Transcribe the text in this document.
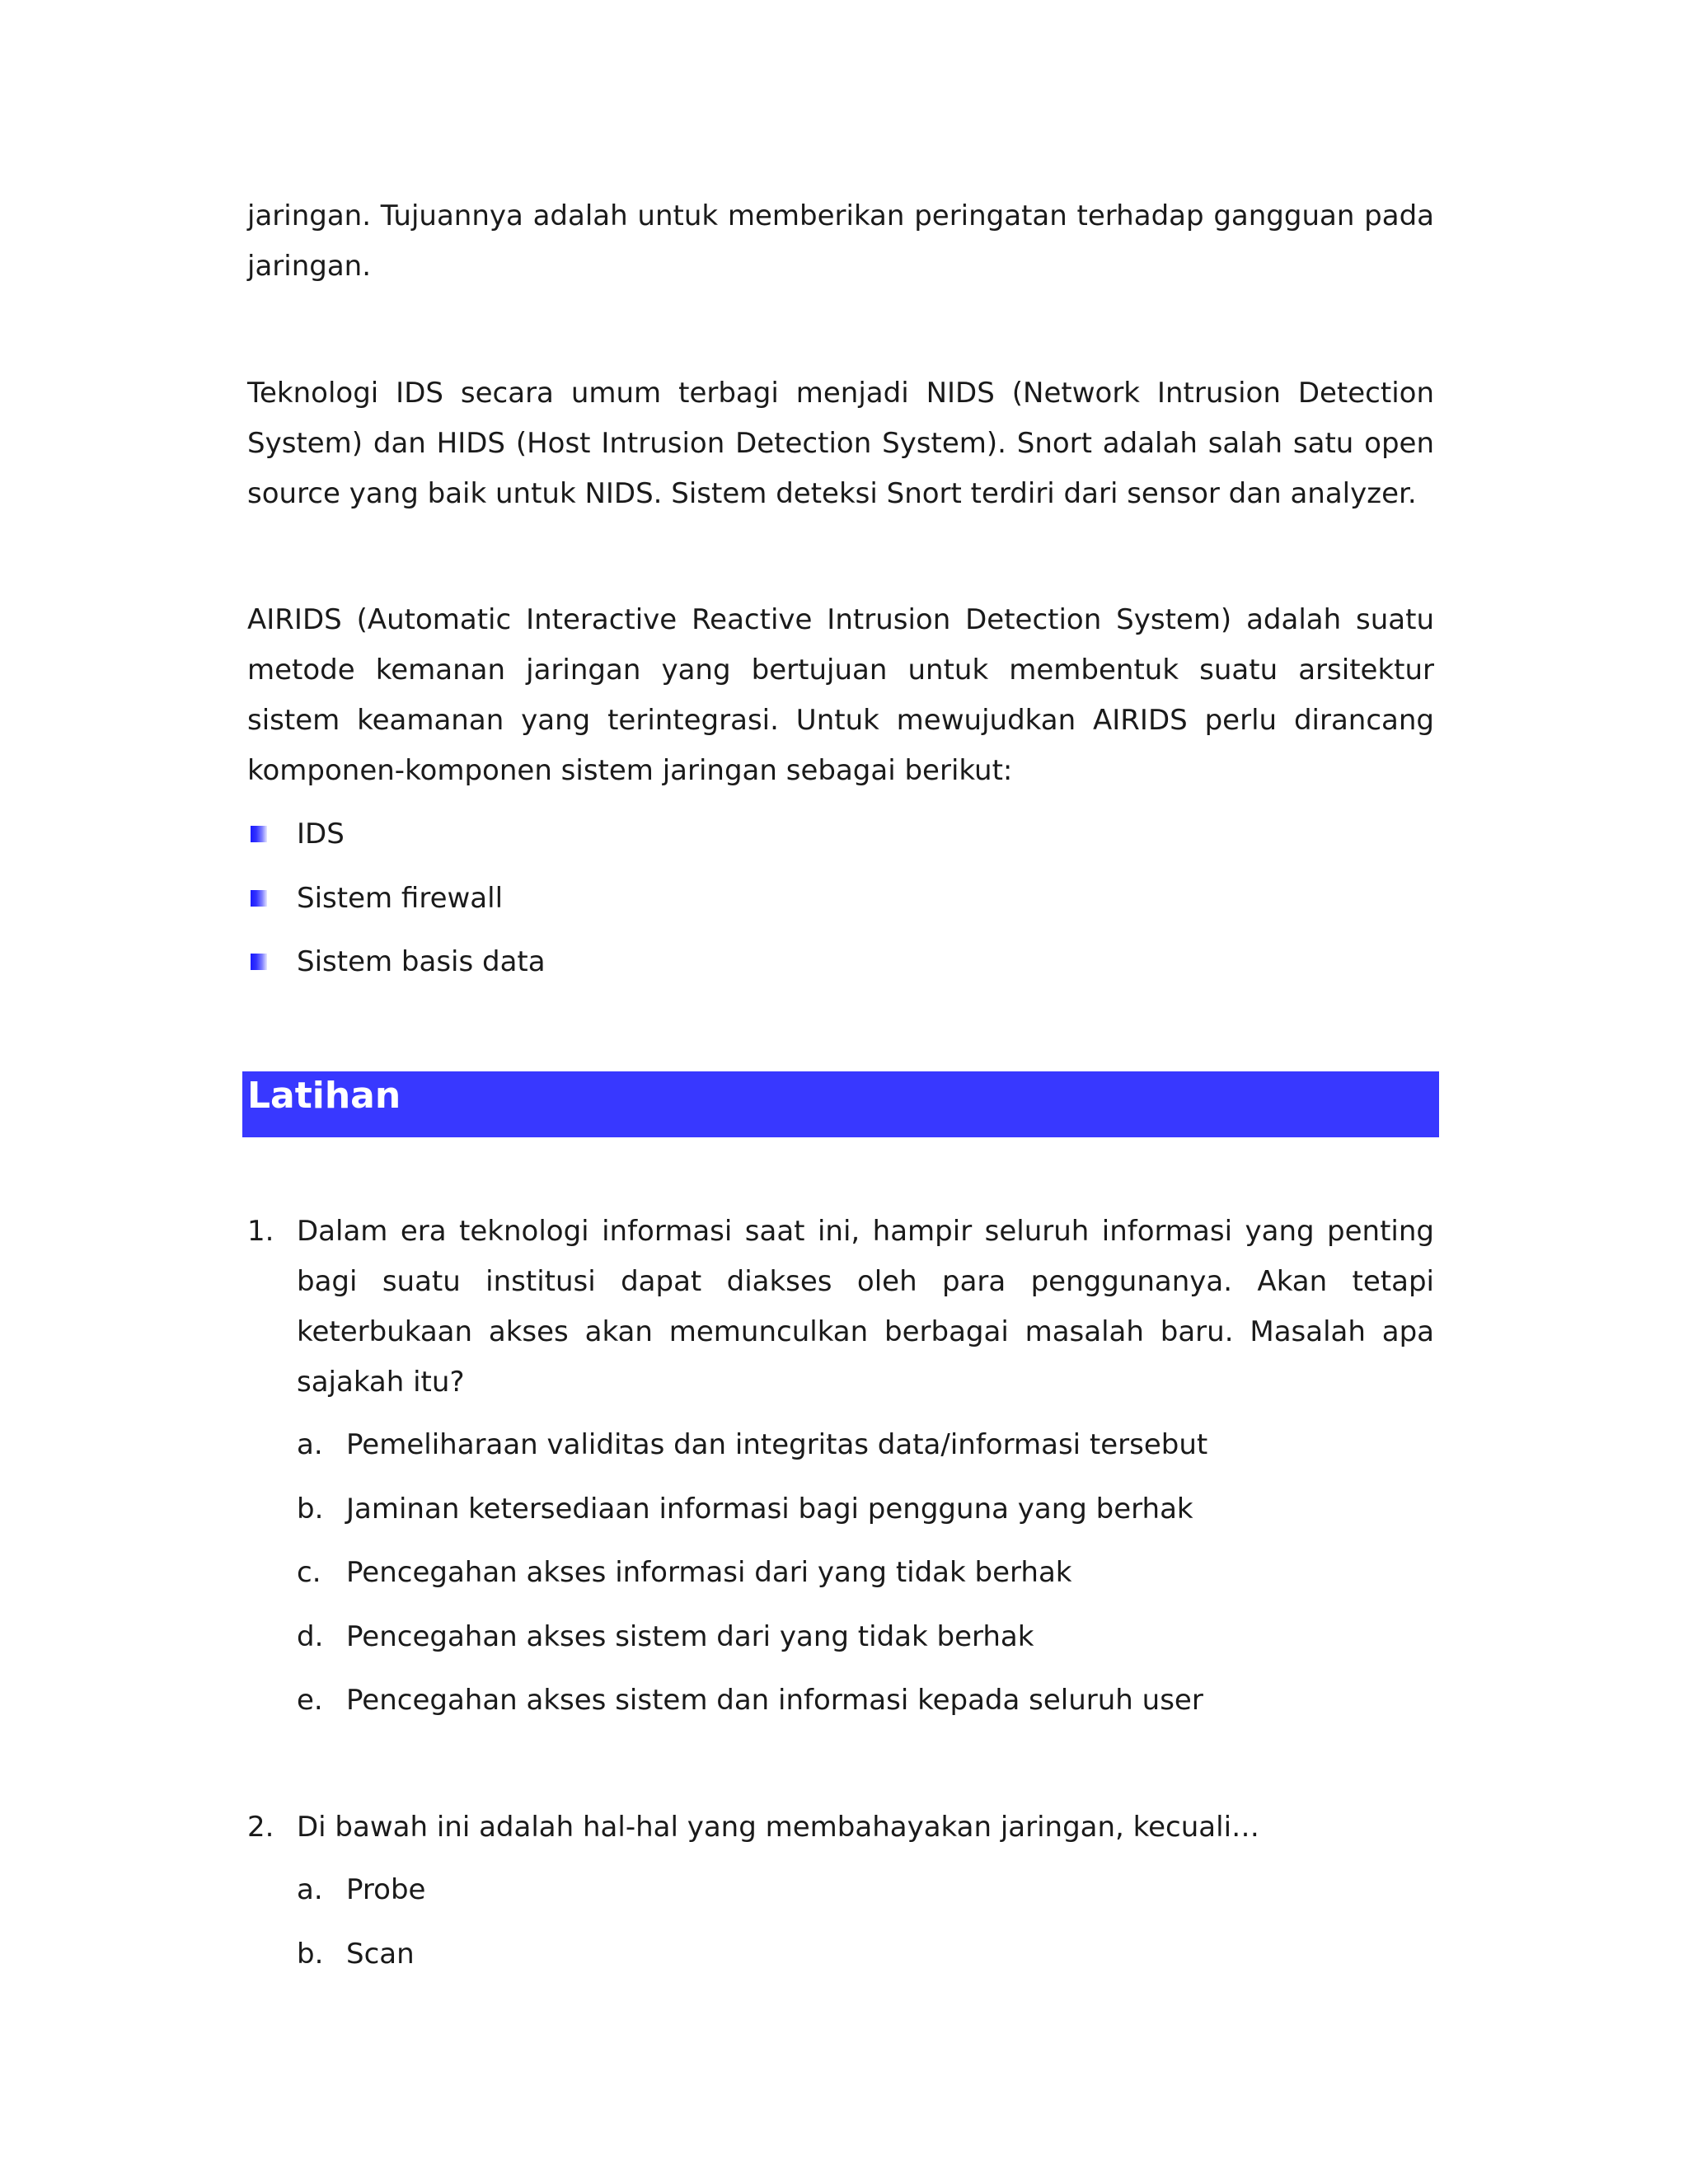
jaringan. Tujuannya adalah untuk memberikan peringatan terhadap gangguan pada jaringan.

Teknologi IDS secara umum terbagi menjadi NIDS (Network Intrusion Detection System) dan HIDS (Host Intrusion Detection System). Snort adalah salah satu open source yang baik untuk NIDS. Sistem deteksi Snort terdiri dari sensor dan analyzer.

AIRIDS (Automatic Interactive Reactive Intrusion Detection System) adalah suatu metode kemanan jaringan yang bertujuan untuk membentuk suatu arsitektur sistem keamanan yang terintegrasi. Untuk mewujudkan AIRIDS perlu dirancang komponen-komponen sistem jaringan sebagai berikut:

IDS
Sistem firewall
Sistem basis data
Latihan
1. Dalam era teknologi informasi saat ini, hampir seluruh informasi yang penting bagi suatu institusi dapat diakses oleh para penggunanya. Akan tetapi keterbukaan akses akan memunculkan berbagai masalah baru. Masalah apa sajakah itu?

a. Pemeliharaan validitas dan integritas data/informasi tersebut
b. Jaminan ketersediaan informasi bagi pengguna yang berhak
c. Pencegahan akses informasi dari yang tidak berhak
d. Pencegahan akses sistem dari yang tidak berhak
e. Pencegahan akses sistem dan informasi kepada seluruh user
2. Di bawah ini adalah hal-hal yang membahayakan jaringan, kecuali…

a. Probe
b. Scan
